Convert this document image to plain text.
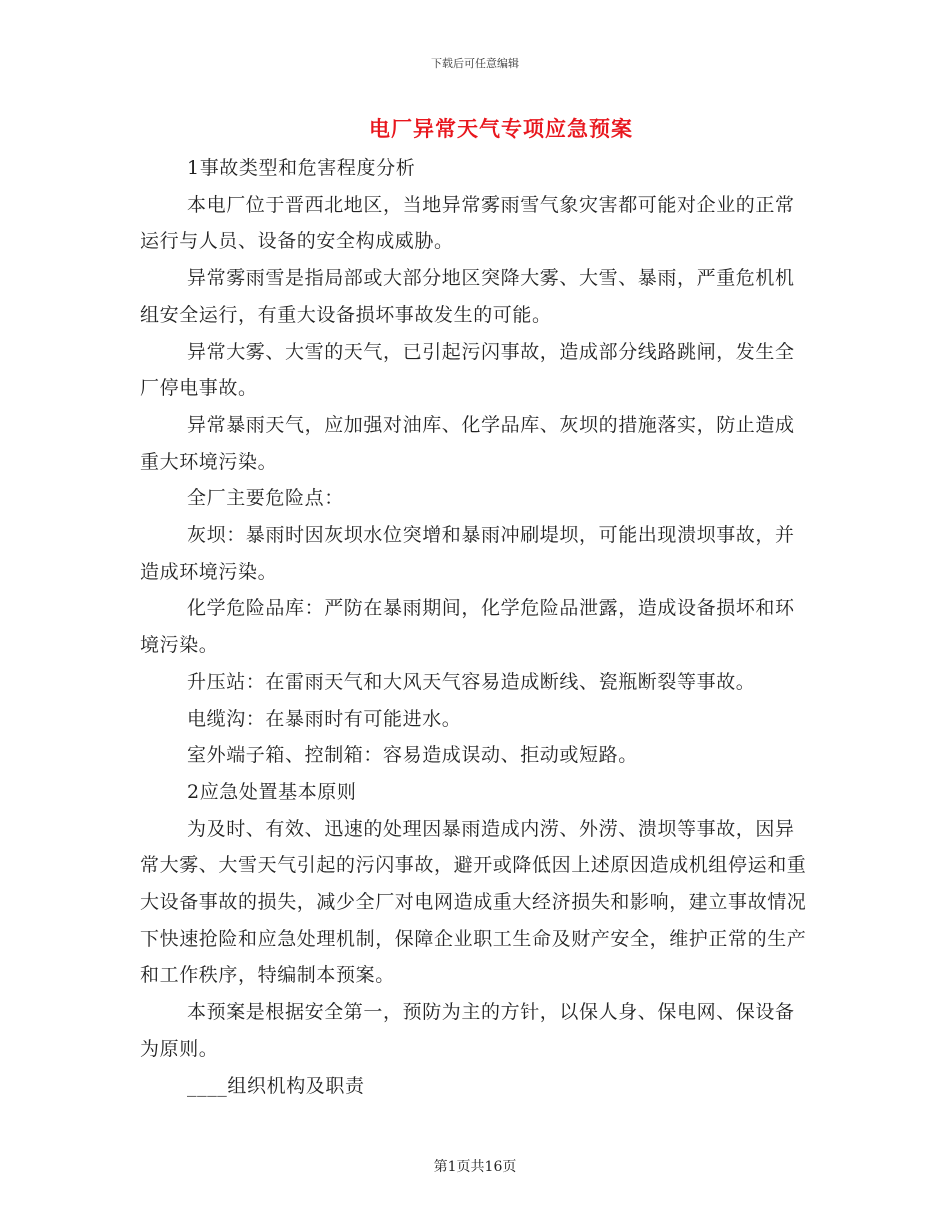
下载后可任意编辑
电厂异常天气专项应急预案

1事故类型和危害程度分析

本电厂位于晋西北地区，当地异常雾雨雪气象灾害都可能对企业的正常运行与人员、设备的安全构成威胁。

异常雾雨雪是指局部或大部分地区突降大雾、大雪、暴雨，严重危机机组安全运行，有重大设备损坏事故发生的可能。

异常大雾、大雪的天气，已引起污闪事故，造成部分线路跳闸，发生全厂停电事故。

异常暴雨天气，应加强对油库、化学品库、灰坝的措施落实，防止造成重大环境污染。

全厂主要危险点：

灰坝：暴雨时因灰坝水位突增和暴雨冲刷堤坝，可能出现溃坝事故，并造成环境污染。

化学危险品库：严防在暴雨期间，化学危险品泄露，造成设备损坏和环境污染。

升压站：在雷雨天气和大风天气容易造成断线、瓷瓶断裂等事故。

电缆沟：在暴雨时有可能进水。

室外端子箱、控制箱：容易造成误动、拒动或短路。

2应急处置基本原则

为及时、有效、迅速的处理因暴雨造成内涝、外涝、溃坝等事故，因异常大雾、大雪天气引起的污闪事故，避开或降低因上述原因造成机组停运和重大设备事故的损失，减少全厂对电网造成重大经济损失和影响，建立事故情况下快速抢险和应急处理机制，保障企业职工生命及财产安全，维护正常的生产和工作秩序，特编制本预案。

本预案是根据安全第一，预防为主的方针，以保人身、保电网、保设备为原则。

____组织机构及职责

第1页共16页
